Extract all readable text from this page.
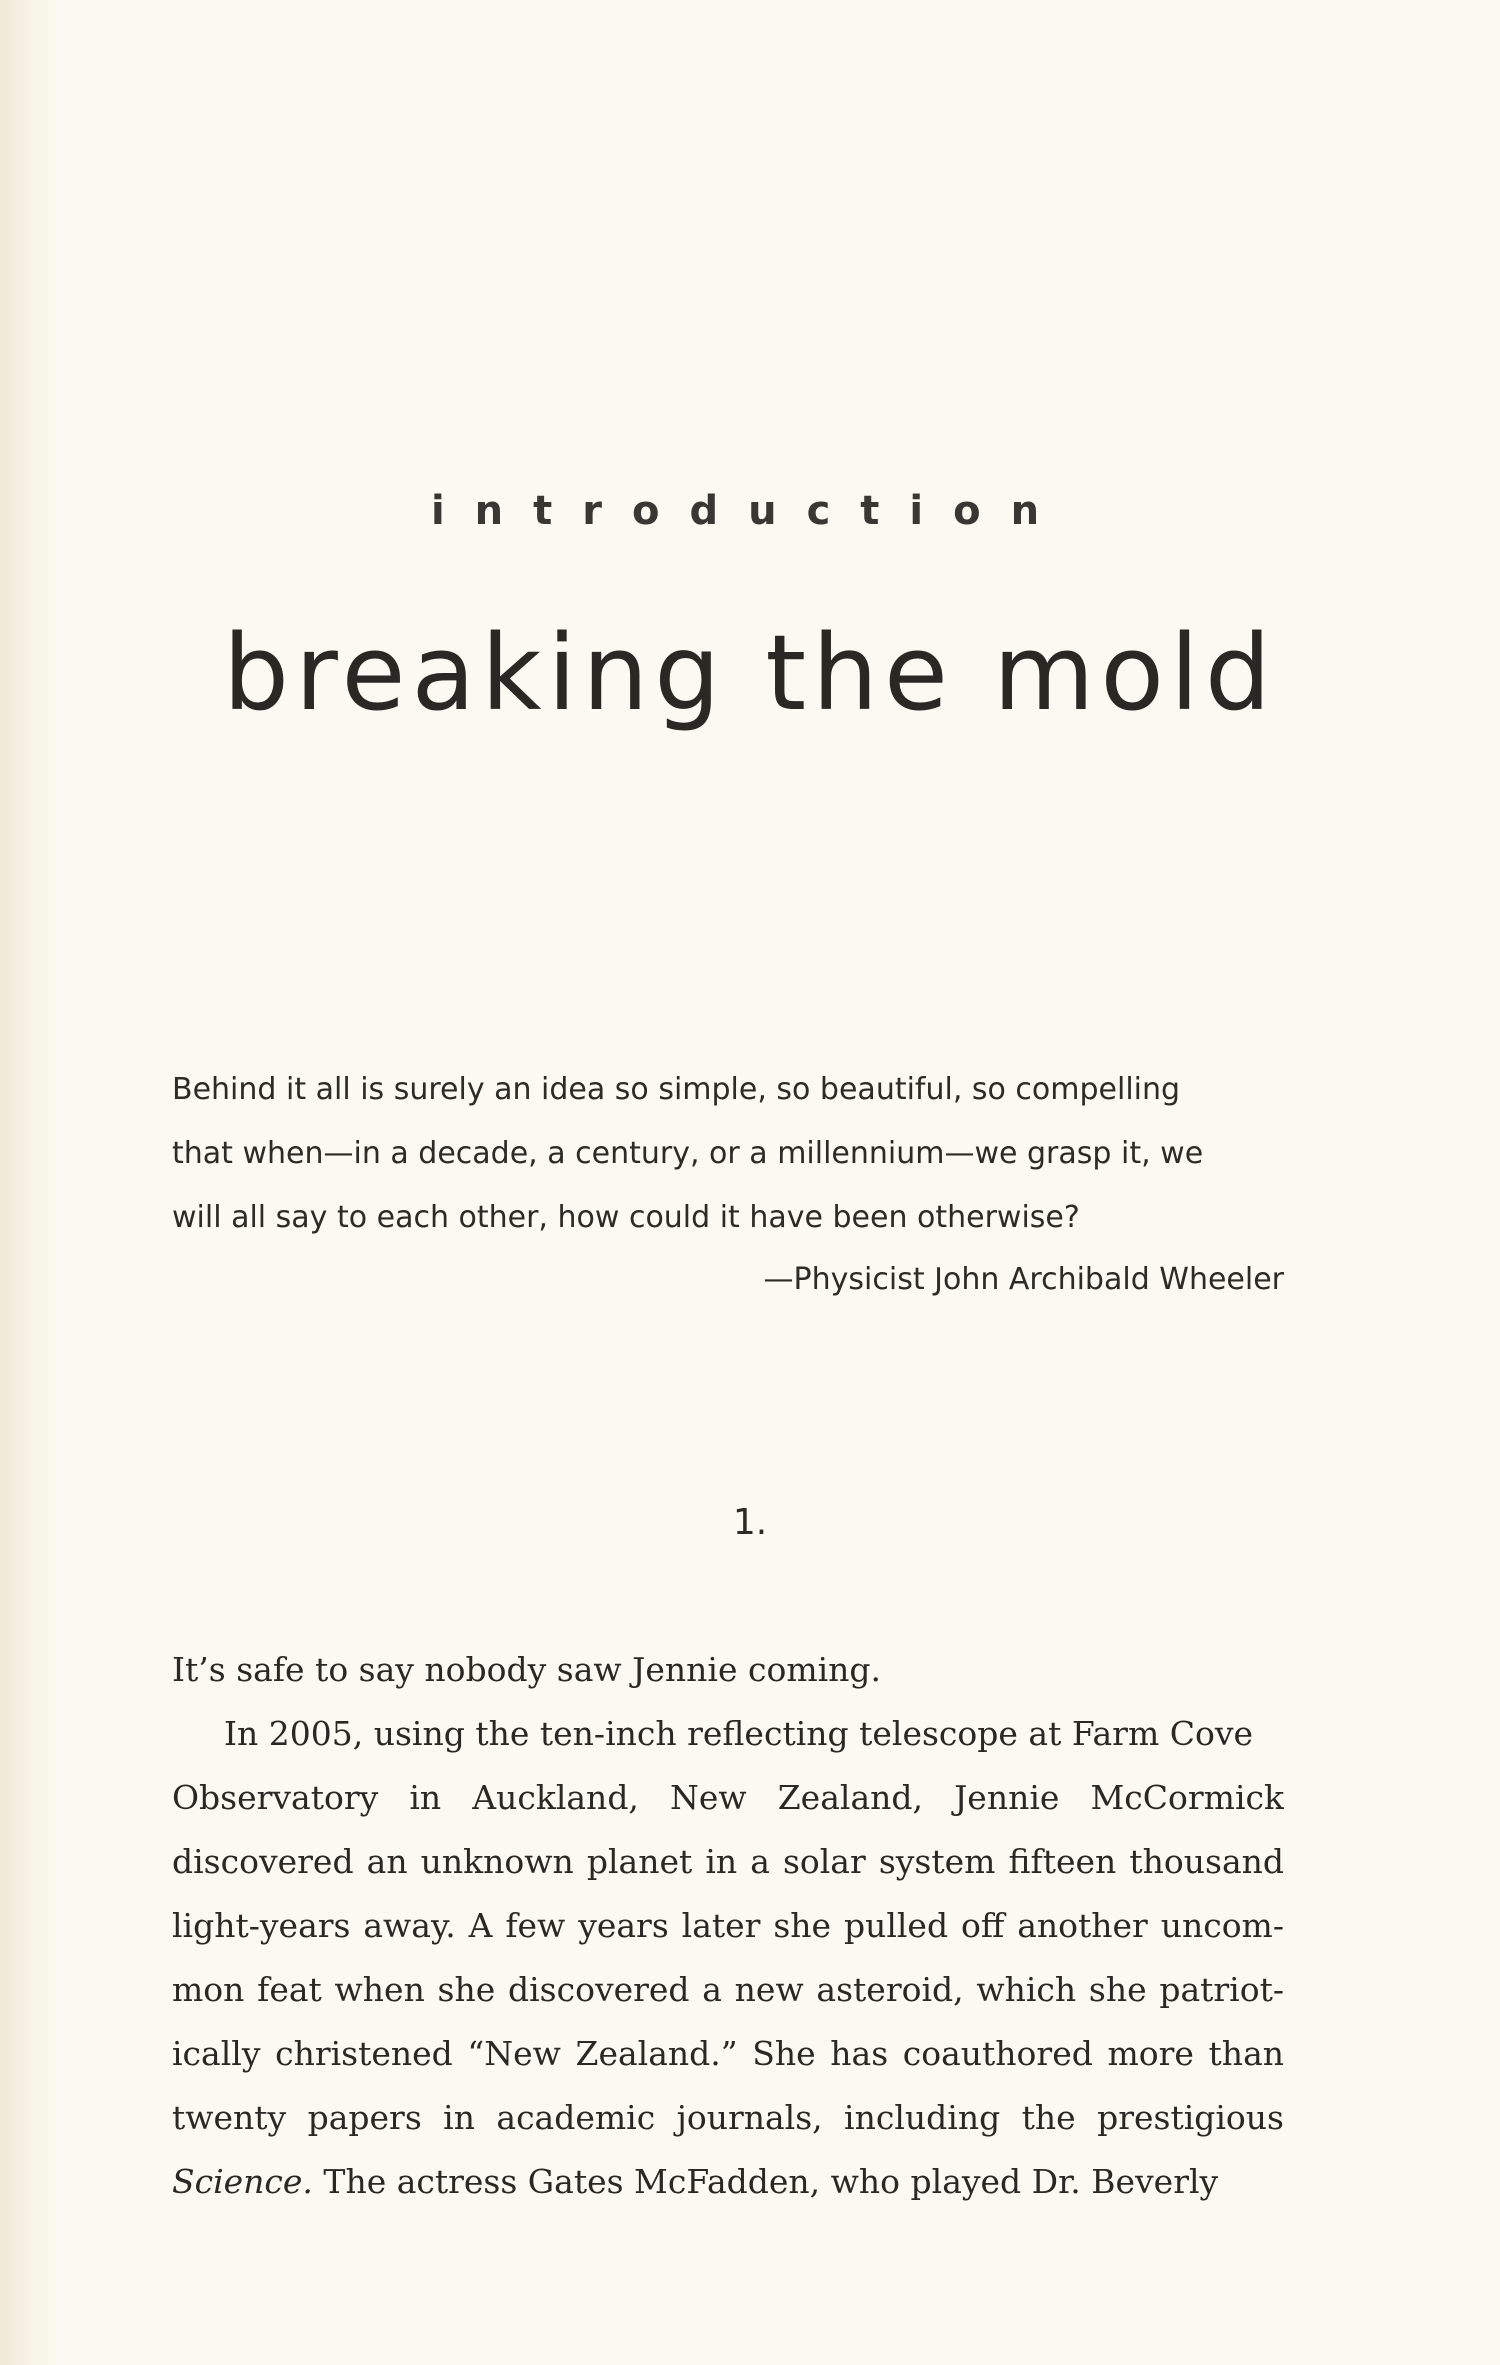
introduction
breaking the mold
Behind it all is surely an idea so simple, so beautiful, so compelling
that when—in a decade, a century, or a millennium—we grasp it, we
will all say to each other, how could it have been otherwise?
—Physicist John Archibald Wheeler
1.
It’s safe to say nobody saw Jennie coming.
In 2005, using the ten-inch reflecting telescope at Farm Cove
Observatory in Auckland, New Zealand, Jennie McCormick
discovered an unknown planet in a solar system fifteen thousand
light-years away. A few years later she pulled off another uncom-
mon feat when she discovered a new asteroid, which she patriot-
ically christened “New Zealand.” She has coauthored more than
twenty papers in academic journals, including the prestigious
Science. The actress Gates McFadden, who played Dr. Beverly
